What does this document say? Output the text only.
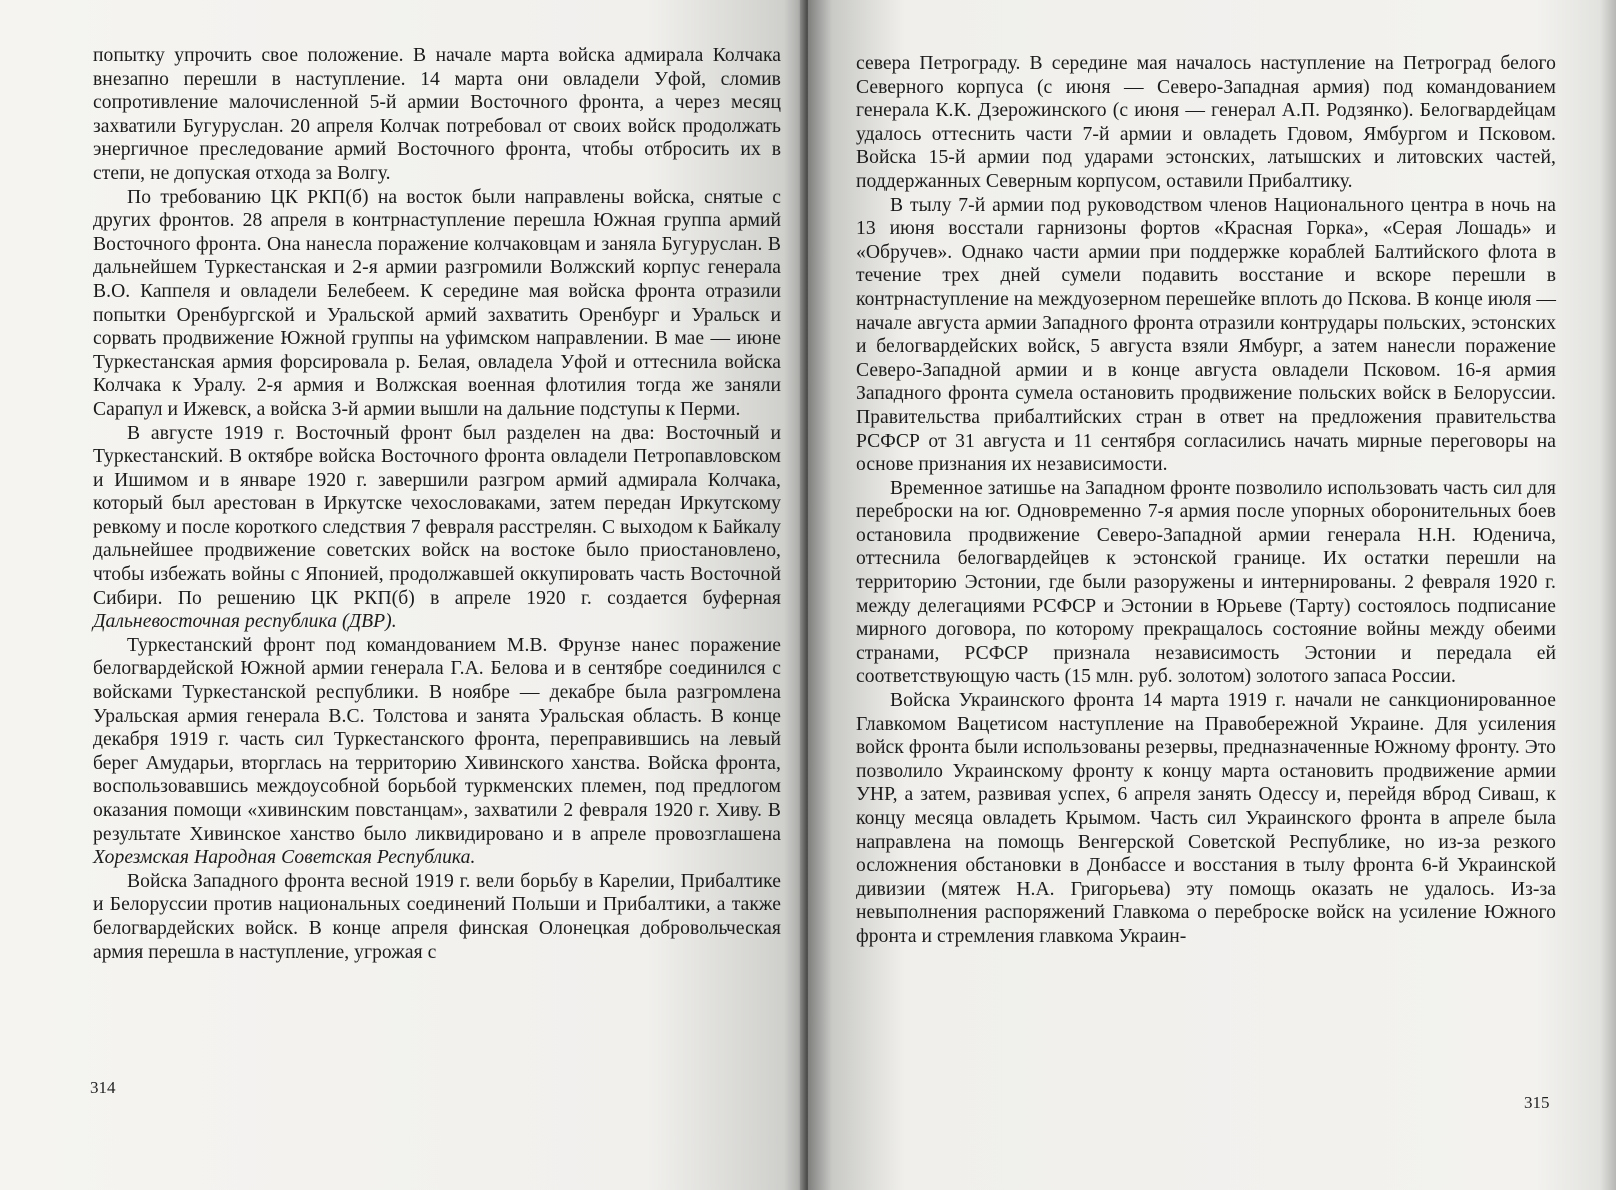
попытку упрочить свое положение. В начале марта войска адмирала Колчака внезапно перешли в наступление. 14 марта они овладели Уфой, сломив сопротивление малочисленной 5-й армии Восточного фронта, а через месяц захватили Бугуруслан. 20 апреля Колчак потребовал от своих войск продолжать энергичное преследование армий Восточного фронта, чтобы отбросить их в степи, не допуская отхода за Волгу.

По требованию ЦК РКП(б) на восток были направлены войска, снятые с других фронтов. 28 апреля в контрнаступление перешла Южная группа армий Восточного фронта. Она нанесла поражение колчаковцам и заняла Бугуруслан. В дальнейшем Туркестанская и 2-я армии разгромили Волжский корпус генерала В.О. Каппеля и овладели Белебеем. К середине мая войска фронта отразили попытки Оренбургской и Уральской армий захватить Оренбург и Уральск и сорвать продвижение Южной группы на уфимском направлении. В мае — июне Туркестанская армия форсировала р. Белая, овладела Уфой и оттеснила войска Колчака к Уралу. 2-я армия и Волжская военная флотилия тогда же заняли Сарапул и Ижевск, а войска 3-й армии вышли на дальние подступы к Перми.

В августе 1919 г. Восточный фронт был разделен на два: Восточный и Туркестанский. В октябре войска Восточного фронта овладели Петропавловском и Ишимом и в январе 1920 г. завершили разгром армий адмирала Колчака, который был арестован в Иркутске чехословаками, затем передан Иркутскому ревкому и после короткого следствия 7 февраля расстрелян. С выходом к Байкалу дальнейшее продвижение советских войск на востоке было приостановлено, чтобы избежать войны с Японией, продолжавшей оккупировать часть Восточной Сибири. По решению ЦК РКП(б) в апреле 1920 г. создается буферная Дальневосточная республика (ДВР).

Туркестанский фронт под командованием М.В. Фрунзе нанес поражение белогвардейской Южной армии генерала Г.А. Белова и в сентябре соединился с войсками Туркестанской республики. В ноябре — декабре была разгромлена Уральская армия генерала В.С. Толстова и занята Уральская область. В конце декабря 1919 г. часть сил Туркестанского фронта, переправившись на левый берег Амударьи, вторглась на территорию Хивинского ханства. Войска фронта, воспользовавшись междоусобной борьбой туркменских племен, под предлогом оказания помощи «хивинским повстанцам», захватили 2 февраля 1920 г. Хиву. В результате Хивинское ханство было ликвидировано и в апреле провозглашена Хорезмская Народная Советская Республика.

Войска Западного фронта весной 1919 г. вели борьбу в Карелии, Прибалтике и Белоруссии против национальных соединений Польши и Прибалтики, а также белогвардейских войск. В конце апреля финская Олонецкая добровольческая армия перешла в наступление, угрожая с

314

севера Петрограду. В середине мая началось наступление на Петроград белого Северного корпуса (с июня — Северо-Западная армия) под командованием генерала К.К. Дзерожинского (с июня — генерал А.П. Родзянко). Белогвардейцам удалось оттеснить части 7-й армии и овладеть Гдовом, Ямбургом и Псковом. Войска 15-й армии под ударами эстонских, латышских и литовских частей, поддержанных Северным корпусом, оставили Прибалтику.

В тылу 7-й армии под руководством членов Национального центра в ночь на 13 июня восстали гарнизоны фортов «Красная Горка», «Серая Лошадь» и «Обручев». Однако части армии при поддержке кораблей Балтийского флота в течение трех дней сумели подавить восстание и вскоре перешли в контрнаступление на междуозерном перешейке вплоть до Пскова. В конце июля — начале августа армии Западного фронта отразили контрудары польских, эстонских и белогвардейских войск, 5 августа взяли Ямбург, а затем нанесли поражение Северо-Западной армии и в конце августа овладели Псковом. 16-я армия Западного фронта сумела остановить продвижение польских войск в Белоруссии. Правительства прибалтийских стран в ответ на предложения правительства РСФСР от 31 августа и 11 сентября согласились начать мирные переговоры на основе признания их независимости.

Временное затишье на Западном фронте позволило использовать часть сил для переброски на юг. Одновременно 7-я армия после упорных оборонительных боев остановила продвижение Северо-Западной армии генерала Н.Н. Юденича, оттеснила белогвардейцев к эстонской границе. Их остатки перешли на территорию Эстонии, где были разоружены и интернированы. 2 февраля 1920 г. между делегациями РСФСР и Эстонии в Юрьеве (Тарту) состоялось подписание мирного договора, по которому прекращалось состояние войны между обеими странами, РСФСР признала независимость Эстонии и передала ей соответствующую часть (15 млн. руб. золотом) золотого запаса России.

Войска Украинского фронта 14 марта 1919 г. начали не санкционированное Главкомом Вацетисом наступление на Правобережной Украине. Для усиления войск фронта были использованы резервы, предназначенные Южному фронту. Это позволило Украинскому фронту к концу марта остановить продвижение армии УНР, а затем, развивая успех, 6 апреля занять Одессу и, перейдя вброд Сиваш, к концу месяца овладеть Крымом. Часть сил Украинского фронта в апреле была направлена на помощь Венгерской Советской Республике, но из-за резкого осложнения обстановки в Донбассе и восстания в тылу фронта 6-й Украинской дивизии (мятеж Н.А. Григорьева) эту помощь оказать не удалось. Из-за невыполнения распоряжений Главкома о переброске войск на усиление Южного фронта и стремления главкома Украин-

315
